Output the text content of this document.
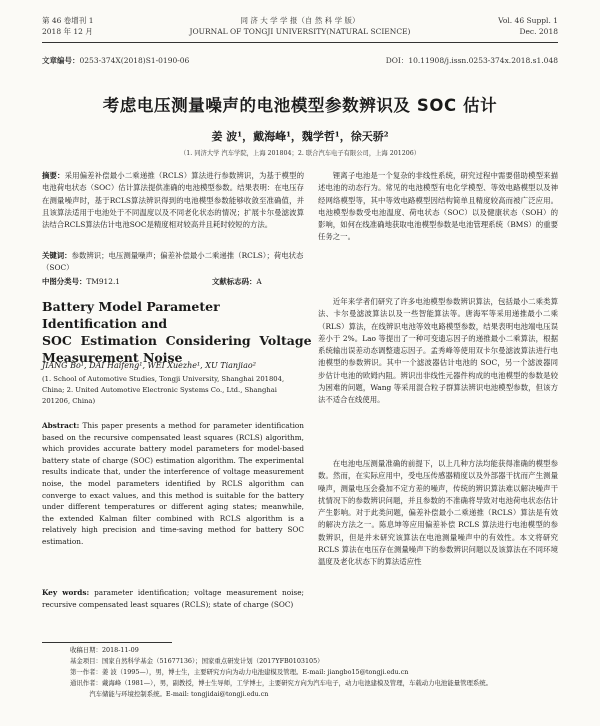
第 46 卷增刊 1
2018 年 12 月
同 济 大 学 学 报（自 然 科 学 版）
JOURNAL OF TONGJI UNIVERSITY(NATURAL SCIENCE)
Vol. 46 Suppl. 1
Dec. 2018
文章编号：0253-374X(2018)S1-0190-06	DOI：10.11908/j.issn.0253-374x.2018.s1.048
考虑电压测量噪声的电池模型参数辨识及 SOC 估计
姜 波¹，戴海峰¹，魏学哲¹，徐天骄²
（1. 同济大学 汽车学院，上海 201804；2. 联合汽车电子有限公司，上海 201206）
摘要：采用偏差补偿最小二乘递推（RCLS）算法进行参数辨识，为基于模型的电池荷电状态（SOC）估计算法提供准确的电池模型参数。结果表明：在电压存在测量噪声时，基于RCLS算法辨识得到的电池模型参数能够收敛至准确值，并且该算法适用于电池处于不同温度以及不同老化状态的情况；扩展卡尔曼滤波算法结合RCLS算法估计电池SOC是精度相对较高并且耗时较短的方法。
关键词：参数辨识；电压测量噪声；偏差补偿最小二乘递推（RCLS）；荷电状态（SOC）
中图分类号：TM912.1	文献标志码：A
Battery Model Parameter Identification and
SOC  Estimation  Considering  Voltage
Measurement Noise
JIANG Bo¹, DAI Haifeng¹, WEI Xuezhe¹, XU Tianjiao²
(1. School of Automotive Studies, Tongji University, Shanghai 201804, China; 2. United Automotive Electronic Systems Co., Ltd., Shanghai 201206, China)
Abstract: This paper presents a method for parameter identification based on the recursive compensated least squares (RCLS) algorithm, which provides accurate battery model parameters for model-based battery state of charge (SOC) estimation algorithm. The experimental results indicate that, under the interference of voltage measurement noise, the model parameters identified by RCLS algorithm can converge to exact values, and this method is suitable for the battery under different temperatures or different aging states; meanwhile, the extended Kalman filter combined with RCLS algorithm is a relatively high precision and time-saving method for battery SOC estimation.
Key words: parameter identification; voltage measurement noise; recursive compensated least squares (RCLS); state of charge (SOC)
锂离子电池是一个复杂的非线性系统，研究过程中需要借助模型来描述电池的动态行为。常见的电池模型有电化学模型、等效电路模型以及神经网络模型等，其中等效电路模型因结构简单且精度较高而被广泛应用。电池模型参数受电池温度、荷电状态（SOC）以及健康状态（SOH）的影响，如何在线准确地获取电池模型参数是电池管理系统（BMS）的重要任务之一。
近年来学者们研究了许多电池模型参数辨识算法，包括最小二乘类算法、卡尔曼滤波算法以及一些智能算法等。唐海军等采用递推最小二乘（RLS）算法，在线辨识电池等效电路模型参数，结果表明电池端电压误差小于 2%。Lao 等提出了一种可变遗忘因子的递推最小二乘算法，根据系统输出误差动态调整遗忘因子。孟秀峰等使用双卡尔曼滤波算法进行电池模型的参数辨识。其中一个滤波器估计电池的 SOC，另一个滤波器同步估计电池的欧姆内阻。辨识出非线性元器件构成的电池模型的参数是较为困难的问题，Wang 等采用混合粒子群算法辨识电池模型参数，但该方法不适合在线使用。
在电池电压测量准确的前提下，以上几种方法均能获得准确的模型参数。然而，在实际应用中，受电压传感器精度以及外部器干扰而产生测量噪声，测量电压会叠加不定方差的噪声，传统的辨识算法难以解决噪声干扰情况下的参数辨识问题，并且参数的不准确将导致对电池荷电状态估计产生影响。对于此类问题，偏差补偿最小二乘递推（RCLS）算法是有效的解决方法之一。陈息坤等应用偏差补偿 RCLS 算法进行电池模型的参数辨识，但是并未研究该算法在电池测量噪声中的有效性。本文将研究 RCLS 算法在电压存在测量噪声下的参数辨识问题以及该算法在不同环境温度及老化状态下的算法适应性
收稿日期：2018-11-09
基金项目：国家自然科学基金（51677136）；国家重点研发计划（2017YFB0103105）
第一作者：姜 波（1995—），男，博士生，主要研究方向为动力电池建模及管理。E-mail: jiangbo15@tongji.edu.cn
通讯作者：戴海峰（1981—），男，副教授，博士生导师，工学博士，主要研究方向为汽车电子，动力电池建模及管理，车载动力电池能量管理系统。
汽车储能与环境控制系统。E-mail: tongjidai@tongji.edu.cn
